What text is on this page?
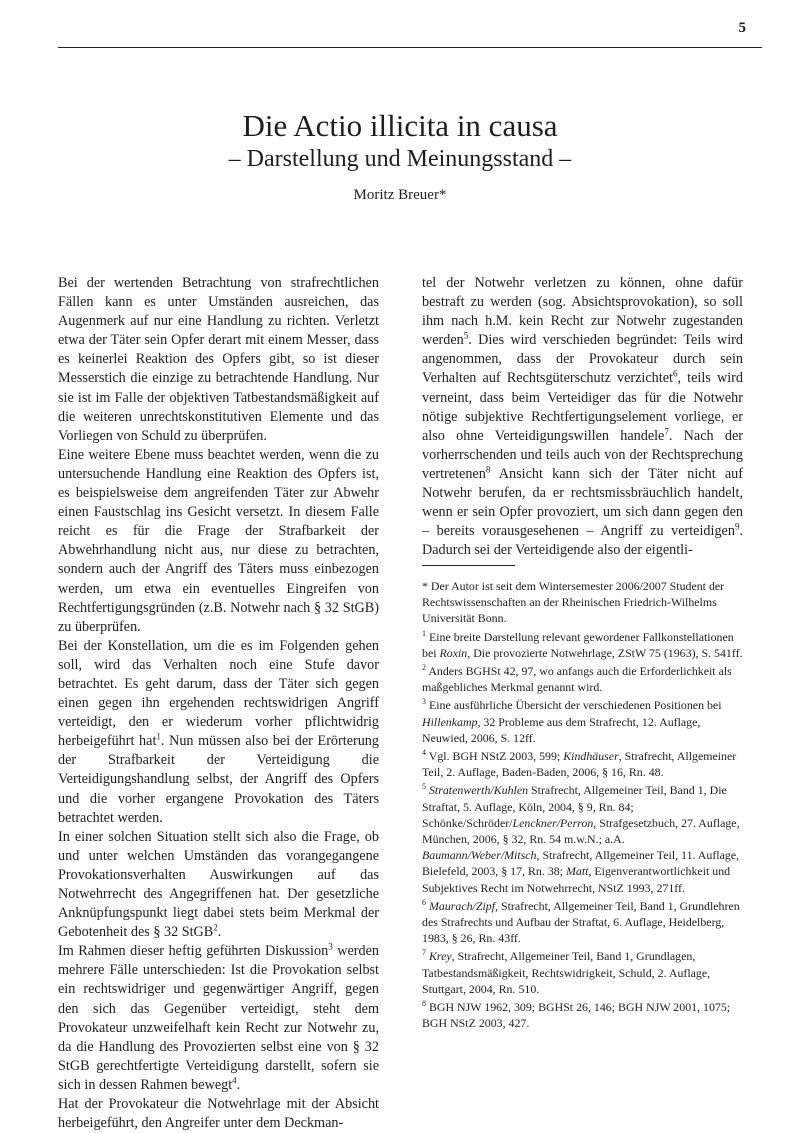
5
Die Actio illicita in causa
– Darstellung und Meinungsstand –
Moritz Breuer*

Bei der wertenden Betrachtung von strafrechtlichen Fällen kann es unter Umständen ausreichen, das Augenmerk auf nur eine Handlung zu richten. Verletzt etwa der Täter sein Opfer derart mit einem Messer, dass es keinerlei Reaktion des Opfers gibt, so ist dieser Messerstich die einzige zu betrachtende Handlung. Nur sie ist im Falle der objektiven Tatbestandsmäßigkeit auf die weiteren unrechtskonstitutiven Elemente und das Vorliegen von Schuld zu überprüfen.

Eine weitere Ebene muss beachtet werden, wenn die zu untersuchende Handlung eine Reaktion des Opfers ist, es beispielsweise dem angreifenden Täter zur Abwehr einen Faustschlag ins Gesicht versetzt. In diesem Falle reicht es für die Frage der Strafbarkeit der Abwehrhandlung nicht aus, nur diese zu betrachten, sondern auch der Angriff des Täters muss einbezogen werden, um etwa ein eventuelles Eingreifen von Rechtfertigungsgründen (z.B. Notwehr nach § 32 StGB) zu überprüfen.

Bei der Konstellation, um die es im Folgenden gehen soll, wird das Verhalten noch eine Stufe davor betrachtet. Es geht darum, dass der Täter sich gegen einen gegen ihn ergehenden rechtswidrigen Angriff verteidigt, den er wiederum vorher pflichtwidrig herbeigeführt hat$^1$. Nun müssen also bei der Erörterung der Strafbarkeit der Verteidigung die Verteidigungshandlung selbst, der Angriff des Opfers und die vorher ergangene Provokation des Täters betrachtet werden.

In einer solchen Situation stellt sich also die Frage, ob und unter welchen Umständen das vorangegangene Provokationsverhalten Auswirkungen auf das Notwehrrecht des Angegriffenen hat. Der gesetzliche Anknüpfungspunkt liegt dabei stets beim Merkmal der Gebotenheit des § 32 StGB$^2$.

Im Rahmen dieser heftig geführten Diskussion$^3$ werden mehrere Fälle unterschieden: Ist die Provokation selbst ein rechtswidriger und gegenwärtiger Angriff, gegen den sich das Gegenüber verteidigt, steht dem Provokateur unzweifelhaft kein Recht zur Notwehr zu, da die Handlung des Provozierten selbst eine von § 32 StGB gerechtfertigte Verteidigung darstellt, sofern sie sich in dessen Rahmen bewegt$^4$.

Hat der Provokateur die Notwehrlage mit der Absicht herbeigeführt, den Angreifer unter dem Deckman-

tel der Notwehr verletzen zu können, ohne dafür bestraft zu werden (sog. Absichtsprovokation), so soll ihm nach h.M. kein Recht zur Notwehr zugestanden werden$^5$. Dies wird verschieden begründet: Teils wird angenommen, dass der Provokateur durch sein Verhalten auf Rechtsgüterschutz verzichtet$^6$, teils wird verneint, dass beim Verteidiger das für die Notwehr nötige subjektive Rechtfertigungselement vorliege, er also ohne Verteidigungswillen handele$^7$. Nach der vorherrschenden und teils auch von der Rechtsprechung vertretenen$^8$ Ansicht kann sich der Täter nicht auf Notwehr berufen, da er rechtsmissbräuchlich handelt, wenn er sein Opfer provoziert, um sich dann gegen den – bereits vorausgesehenen – Angriff zu verteidigen$^9$. Dadurch sei der Verteidigende also der eigentli-

* Der Autor ist seit dem Wintersemester 2006/2007 Student der Rechtswissenschaften an der Rheinischen Friedrich-Wilhelms Universität Bonn.

$^1$ Eine breite Darstellung relevant gewordener Fallkonstellationen bei Roxin, Die provozierte Notwehrlage, ZStW 75 (1963), S. 541ff.

$^2$ Anders BGHSt 42, 97, wo anfangs auch die Erforderlichkeit als maßgebliches Merkmal genannt wird.

$^3$ Eine ausführliche Übersicht der verschiedenen Positionen bei Hillenkamp, 32 Probleme aus dem Strafrecht, 12. Auflage, Neuwied, 2006, S. 12ff.

$^4$ Vgl. BGH NStZ 2003, 599; Kindhäuser, Strafrecht, Allgemeiner Teil, 2. Auflage, Baden-Baden, 2006, § 16, Rn. 48.

$^5$ Stratenwerth/Kuhlen Strafrecht, Allgemeiner Teil, Band 1, Die Straftat, 5. Auflage, Köln, 2004, § 9, Rn. 84; Schönke/Schröder/Lenckner/Perron, Strafgesetzbuch, 27. Auflage, München, 2006, § 32, Rn. 54 m.w.N.; a.A. Baumann/Weber/Mitsch, Strafrecht, Allgemeiner Teil, 11. Auflage, Bielefeld, 2003, § 17, Rn. 38; Matt, Eigenverantwortlichkeit und Subjektives Recht im Notwehrrecht, NStZ 1993, 271ff.

$^6$ Maurach/Zipf, Strafrecht, Allgemeiner Teil, Band 1, Grundlehren des Strafrechts und Aufbau der Straftat, 6. Auflage, Heidelberg, 1983, § 26, Rn. 43ff.

$^7$ Krey, Strafrecht, Allgemeiner Teil, Band 1, Grundlagen, Tatbestandsmäßigkeit, Rechtswidrigkeit, Schuld, 2. Auflage, Stuttgart, 2004, Rn. 510.

$^8$ BGH NJW 1962, 309; BGHSt 26, 146; BGH NJW 2001, 1075; BGH NStZ 2003, 427.
